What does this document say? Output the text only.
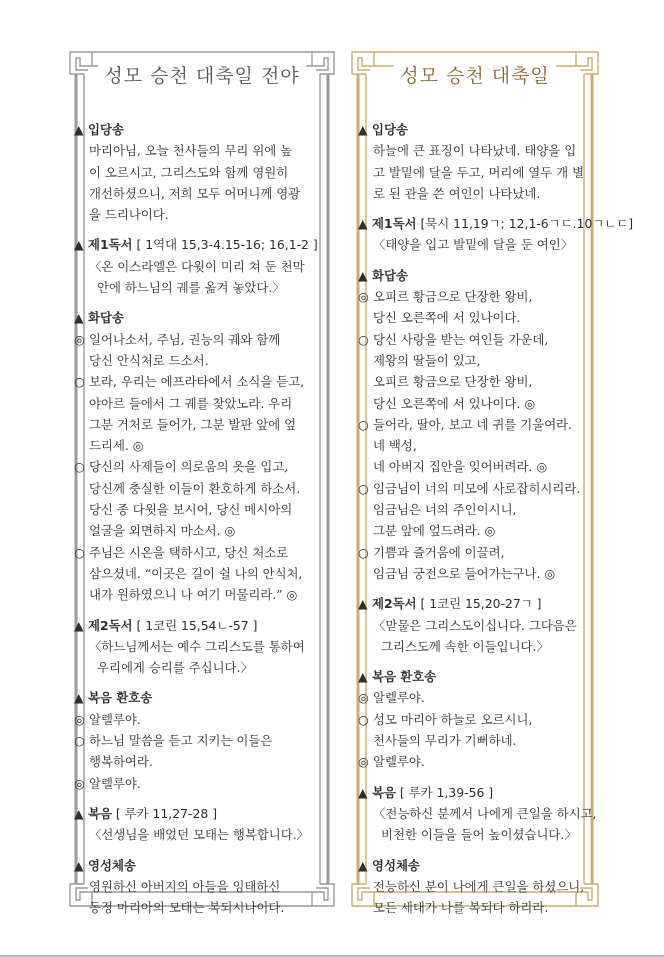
성모 승천 대축일 전야
▲ 입당송
마리아님, 오늘 천사들의 무리 위에 높
이 오르시고, 그리스도와 함께 영원히
개선하셨으니, 저희 모두 어머니께 영광
을 드리나이다.
▲ 제1독서 [ 1역대 15,3-4.15-16; 16,1-2 ]
〈온 이스라엘은 다윗이 미리 쳐 둔 천막
안에 하느님의 궤를 옮겨 놓았다.〉
▲ 화답송
◎ 일어나소서, 주님, 권능의 궤와 함께
당신 안식처로 드소서.
○ 보라, 우리는 에프라타에서 소식을 듣고,
야아르 들에서 그 궤를 찾았노라. 우리
그분 거처로 들어가, 그분 발판 앞에 엎
드리세. ◎
○ 당신의 사제들이 의로움의 옷을 입고,
당신께 충실한 이들이 환호하게 하소서.
당신 종 다윗을 보시어, 당신 메시아의
얼굴을 외면하지 마소서. ◎
○ 주님은 시온을 택하시고, 당신 처소로
삼으셨네. “이곳은 길이 쉴 나의 안식처,
내가 원하였으니 나 여기 머물리라.” ◎
▲ 제2독서 [ 1코린 15,54ㄴ-57 ]
〈하느님께서는 예수 그리스도를 통하여
우리에게 승리를 주십니다.〉
▲ 복음 환호송
◎ 알렐루야.
○ 하느님 말씀을 듣고 지키는 이들은
행복하여라.
◎ 알렐루야.
▲ 복음 [ 루카 11,27-28 ]
〈선생님을 배었던 모태는 행복합니다.〉
▲ 영성체송
영원하신 아버지의 아들을 잉태하신
동정 마리아의 모태는 복되시나이다.
성모 승천 대축일
▲ 입당송
하늘에 큰 표징이 나타났네. 태양을 입
고 발밑에 달을 두고, 머리에 열두 개 별
로 된 관을 쓴 여인이 나타났네.
▲ 제1독서 [묵시 11,19ㄱ; 12,1-6ㄱㄷ.10ㄱㄴㄷ]
〈태양을 입고 발밑에 달을 둔 여인〉
▲ 화답송
◎ 오피르 황금으로 단장한 왕비,
당신 오른쪽에 서 있나이다.
○ 당신 사랑을 받는 여인들 가운데,
제왕의 딸들이 있고,
오피르 황금으로 단장한 왕비,
당신 오른쪽에 서 있나이다. ◎
○ 들어라, 딸아, 보고 네 귀를 기울여라.
네 백성,
네 아버지 집안을 잊어버려라. ◎
○ 임금님이 너의 미모에 사로잡히시리라.
임금님은 너의 주인이시니,
그분 앞에 엎드려라. ◎
○ 기쁨과 즐거움에 이끌려,
임금님 궁전으로 들어가는구나. ◎
▲ 제2독서 [ 1코린 15,20-27ㄱ ]
〈맏물은 그리스도이십니다. 그다음은
그리스도께 속한 이들입니다.〉
▲ 복음 환호송
◎ 알렐루야.
○ 성모 마리아 하늘로 오르시니,
천사들의 무리가 기뻐하네.
◎ 알렐루야.
▲ 복음 [ 루카 1,39-56 ]
〈전능하신 분께서 나에게 큰일을 하시고,
비천한 이들을 들어 높이셨습니다.〉
▲ 영성체송
전능하신 분이 나에게 큰일을 하셨으니,
모든 세대가 나를 복되다 하리라.
